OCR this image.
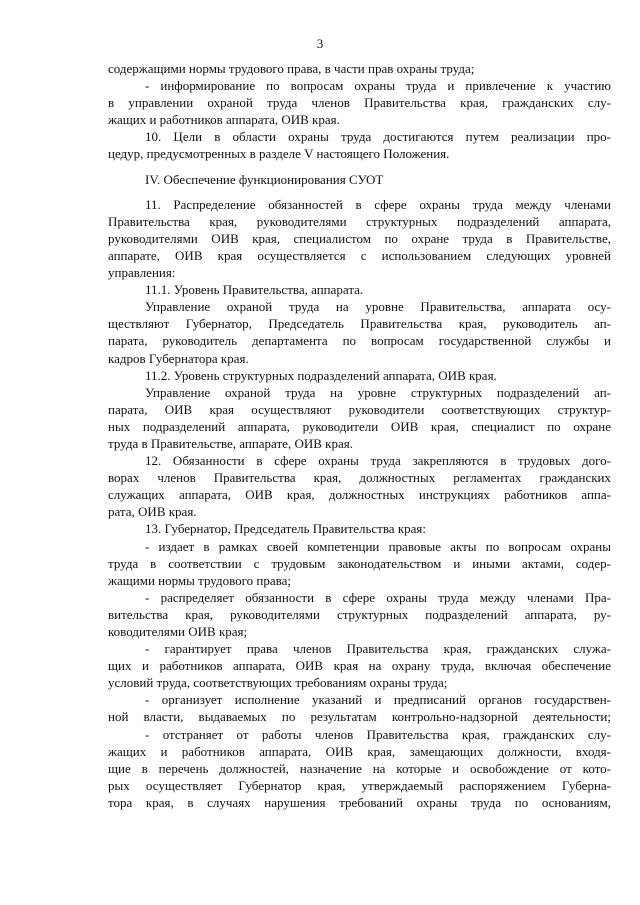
3
содержащими нормы трудового права, в части прав охраны труда;
- информирование по вопросам охраны труда и привлечение к участию
в управлении охраной труда членов Правительства края, гражданских слу-
жащих и работников аппарата, ОИВ края.
10. Цели в области охраны труда достигаются путем реализации про-
цедур, предусмотренных в разделе V настоящего Положения.
IV. Обеспечение функционирования СУОТ
11. Распределение обязанностей в сфере охраны труда между членами
Правительства края, руководителями структурных подразделений аппарата,
руководителями ОИВ края, специалистом по охране труда в Правительстве,
аппарате, ОИВ края осуществляется с использованием следующих уровней
управления:
11.1. Уровень Правительства, аппарата.
Управление охраной труда на уровне Правительства, аппарата осу-
ществляют Губернатор, Председатель Правительства края, руководитель ап-
парата, руководитель департамента по вопросам государственной службы и
кадров Губернатора края.
11.2. Уровень структурных подразделений аппарата, ОИВ края.
Управление охраной труда на уровне структурных подразделений ап-
парата, ОИВ края осуществляют руководители соответствующих структур-
ных подразделений аппарата, руководители ОИВ края, специалист по охране
труда в Правительстве, аппарате, ОИВ края.
12. Обязанности в сфере охраны труда закрепляются в трудовых дого-
ворах членов Правительства края, должностных регламентах гражданских
служащих аппарата, ОИВ края, должностных инструкциях работников аппа-
рата, ОИВ края.
13. Губернатор, Председатель Правительства края:
- издает в рамках своей компетенции правовые акты по вопросам охраны
труда в соответствии с трудовым законодательством и иными актами, содер-
жащими нормы трудового права;
- распределяет обязанности в сфере охраны труда между членами Пра-
вительства края, руководителями структурных подразделений аппарата, ру-
ководителями ОИВ края;
- гарантирует права членов Правительства края, гражданских служа-
щих и работников аппарата, ОИВ края на охрану труда, включая обеспечение
условий труда, соответствующих требованиям охраны труда;
- организует исполнение указаний и предписаний органов государствен-
ной власти, выдаваемых по результатам контрольно-надзорной деятельности;
- отстраняет от работы членов Правительства края, гражданских слу-
жащих и работников аппарата, ОИВ края, замещающих должности, входя-
щие в перечень должностей, назначение на которые и освобождение от кото-
рых осуществляет Губернатор края, утверждаемый распоряжением Губерна-
тора края, в случаях нарушения требований охраны труда по основаниям,
